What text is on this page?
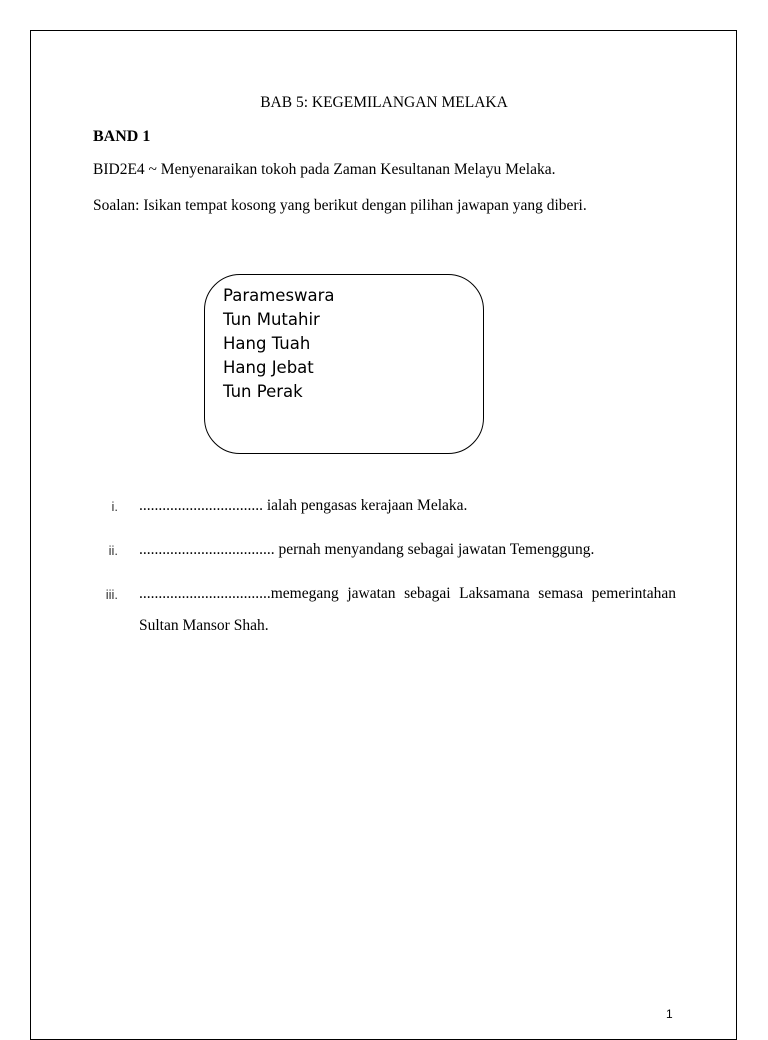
BAB 5: KEGEMILANGAN MELAKA
BAND 1
BID2E4 ~ Menyenaraikan tokoh pada Zaman Kesultanan Melayu Melaka.
Soalan: Isikan tempat kosong yang berikut dengan pilihan jawapan yang diberi.
Parameswara
Tun Mutahir
Hang Tuah
Hang Jebat
Tun Perak
i. ................................ ialah pengasas kerajaan Melaka.
ii. ................................... pernah menyandang sebagai jawatan Temenggung.
iii. ..................................memegang jawatan sebagai Laksamana semasa pemerintahan Sultan Mansor Shah.
1
